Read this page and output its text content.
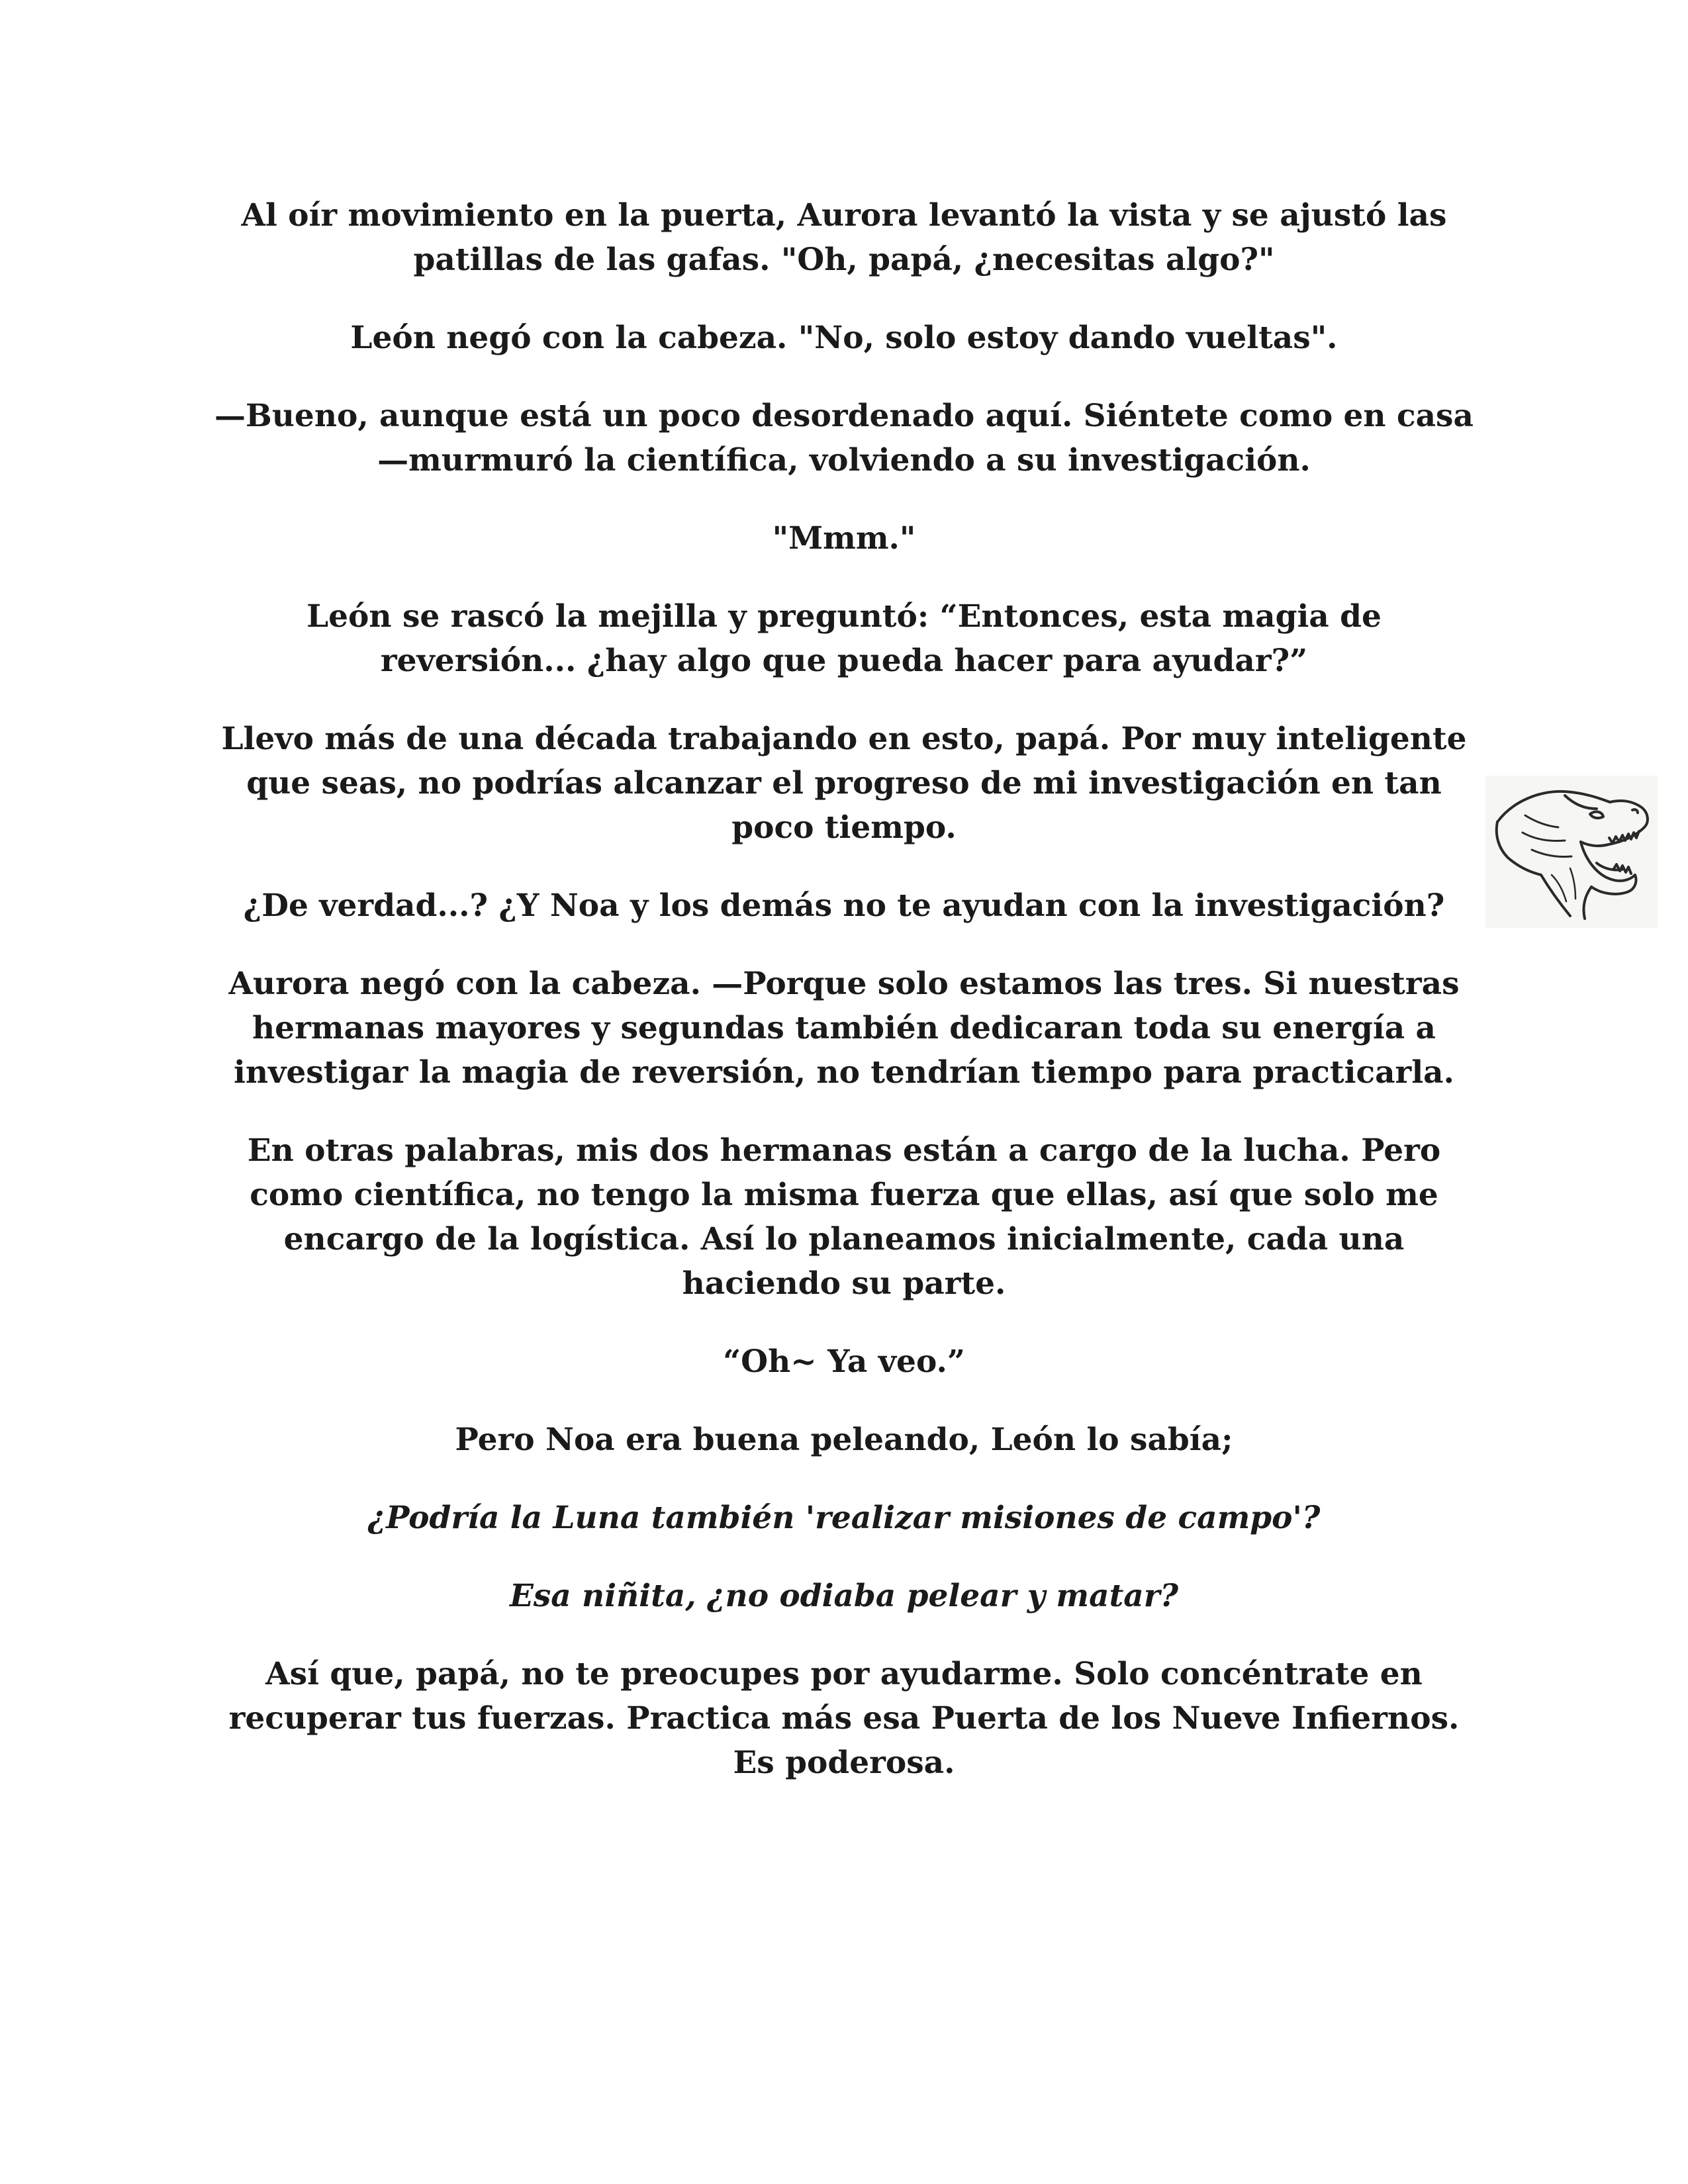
Al oír movimiento en la puerta, Aurora levantó la vista y se ajustó las patillas de las gafas. "Oh, papá, ¿necesitas algo?"

León negó con la cabeza. "No, solo estoy dando vueltas".

—Bueno, aunque está un poco desordenado aquí. Siéntete como en casa —murmuró la científica, volviendo a su investigación.

"Mmm."

León se rascó la mejilla y preguntó: “Entonces, esta magia de reversión... ¿hay algo que pueda hacer para ayudar?”

Llevo más de una década trabajando en esto, papá. Por muy inteligente que seas, no podrías alcanzar el progreso de mi investigación en tan poco tiempo.

¿De verdad...? ¿Y Noa y los demás no te ayudan con la investigación?

Aurora negó con la cabeza. —Porque solo estamos las tres. Si nuestras hermanas mayores y segundas también dedicaran toda su energía a investigar la magia de reversión, no tendrían tiempo para practicarla.

En otras palabras, mis dos hermanas están a cargo de la lucha. Pero como científica, no tengo la misma fuerza que ellas, así que solo me encargo de la logística. Así lo planeamos inicialmente, cada una haciendo su parte.

“Oh~ Ya veo.”

Pero Noa era buena peleando, León lo sabía;

¿Podría la Luna también 'realizar misiones de campo'?

Esa niñita, ¿no odiaba pelear y matar?

Así que, papá, no te preocupes por ayudarme. Solo concéntrate en recuperar tus fuerzas. Practica más esa Puerta de los Nueve Infiernos. Es poderosa.
